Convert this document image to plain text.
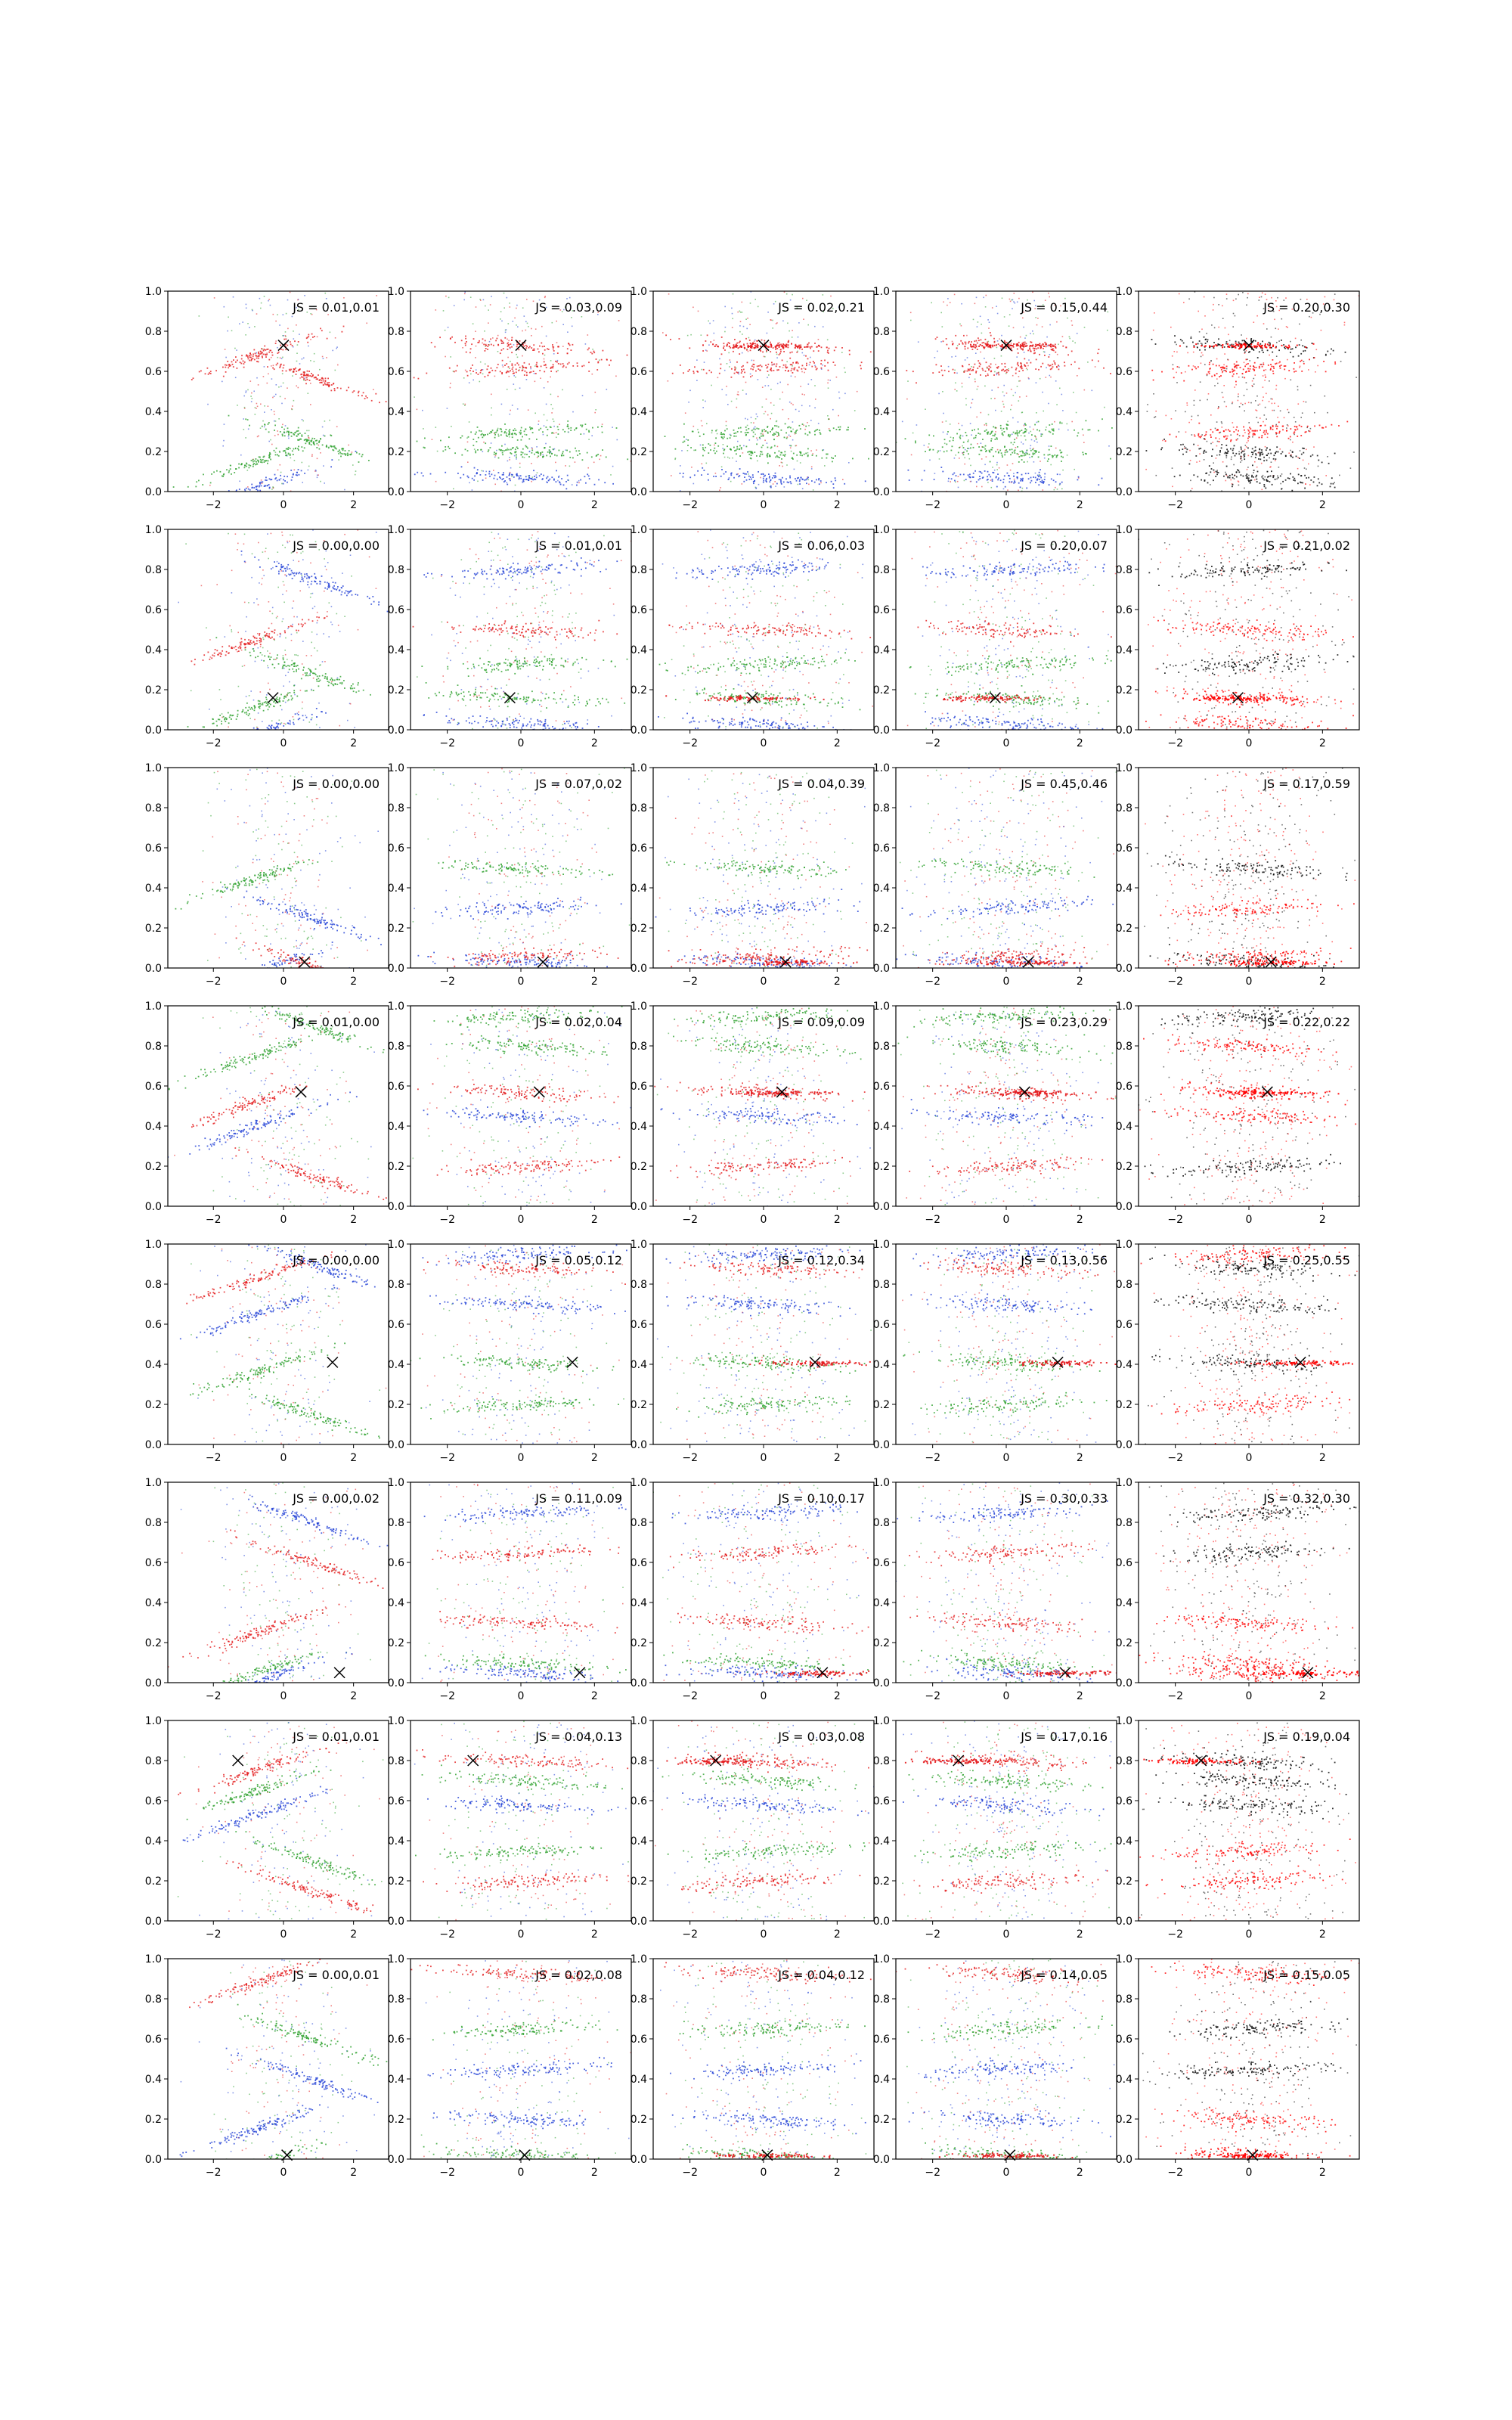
0.0
0.2
0.4
0.6
0.8
1.0
−2	0	2
JS = 0.01,0.01
0.0
0.2
0.4
0.6
0.8
1.0
−2	0	2
JS = 0.03,0.09
0.0
0.2
0.4
0.6
0.8
1.0
−2	0	2
JS = 0.02,0.21
0.0
0.2
0.4
0.6
0.8
1.0
−2	0	2
JS = 0.15,0.44
0.0
0.2
0.4
0.6
0.8
1.0
−2	0	2
JS = 0.20,0.30
0.0
0.2
0.4
0.6
0.8
1.0
−2	0	2
JS = 0.00,0.00
0.0
0.2
0.4
0.6
0.8
1.0
−2	0	2
JS = 0.01,0.01
0.0
0.2
0.4
0.6
0.8
1.0
−2	0	2
JS = 0.06,0.03
0.0
0.2
0.4
0.6
0.8
1.0
−2	0	2
JS = 0.20,0.07
0.0
0.2
0.4
0.6
0.8
1.0
−2	0	2
JS = 0.21,0.02
0.0
0.2
0.4
0.6
0.8
1.0
−2	0	2
JS = 0.00,0.00
0.0
0.2
0.4
0.6
0.8
1.0
−2	0	2
JS = 0.07,0.02
0.0
0.2
0.4
0.6
0.8
1.0
−2	0	2
JS = 0.04,0.39
0.0
0.2
0.4
0.6
0.8
1.0
−2	0	2
JS = 0.45,0.46
0.0
0.2
0.4
0.6
0.8
1.0
−2	0	2
JS = 0.17,0.59
0.0
0.2
0.4
0.6
0.8
1.0
−2	0	2
JS = 0.01,0.00
0.0
0.2
0.4
0.6
0.8
1.0
−2	0	2
JS = 0.02,0.04
0.0
0.2
0.4
0.6
0.8
1.0
−2	0	2
JS = 0.09,0.09
0.0
0.2
0.4
0.6
0.8
1.0
−2	0	2
JS = 0.23,0.29
0.0
0.2
0.4
0.6
0.8
1.0
−2	0	2
JS = 0.22,0.22
0.0
0.2
0.4
0.6
0.8
1.0
−2	0	2
JS = 0.00,0.00
0.0
0.2
0.4
0.6
0.8
1.0
−2	0	2
JS = 0.05,0.12
0.0
0.2
0.4
0.6
0.8
1.0
−2	0	2
JS = 0.12,0.34
0.0
0.2
0.4
0.6
0.8
1.0
−2	0	2
JS = 0.13,0.56
0.0
0.2
0.4
0.6
0.8
1.0
−2	0	2
JS = 0.25,0.55
0.0
0.2
0.4
0.6
0.8
1.0
−2	0	2
JS = 0.00,0.02
0.0
0.2
0.4
0.6
0.8
1.0
−2	0	2
JS = 0.11,0.09
0.0
0.2
0.4
0.6
0.8
1.0
−2	0	2
JS = 0.10,0.17
0.0
0.2
0.4
0.6
0.8
1.0
−2	0	2
JS = 0.30,0.33
0.0
0.2
0.4
0.6
0.8
1.0
−2	0	2
JS = 0.32,0.30
0.0
0.2
0.4
0.6
0.8
1.0
−2	0	2
JS = 0.01,0.01
0.0
0.2
0.4
0.6
0.8
1.0
−2	0	2
JS = 0.04,0.13
0.0
0.2
0.4
0.6
0.8
1.0
−2	0	2
JS = 0.03,0.08
0.0
0.2
0.4
0.6
0.8
1.0
−2	0	2
JS = 0.17,0.16
0.0
0.2
0.4
0.6
0.8
1.0
−2	0	2
JS = 0.19,0.04
0.0
0.2
0.4
0.6
0.8
1.0
−2	0	2
JS = 0.00,0.01
0.0
0.2
0.4
0.6
0.8
1.0
−2	0	2
JS = 0.02,0.08
0.0
0.2
0.4
0.6
0.8
1.0
−2	0	2
JS = 0.04,0.12
0.0
0.2
0.4
0.6
0.8
1.0
−2	0	2
JS = 0.14,0.05
0.0
0.2
0.4
0.6
0.8
1.0
−2	0	2
JS = 0.15,0.05
